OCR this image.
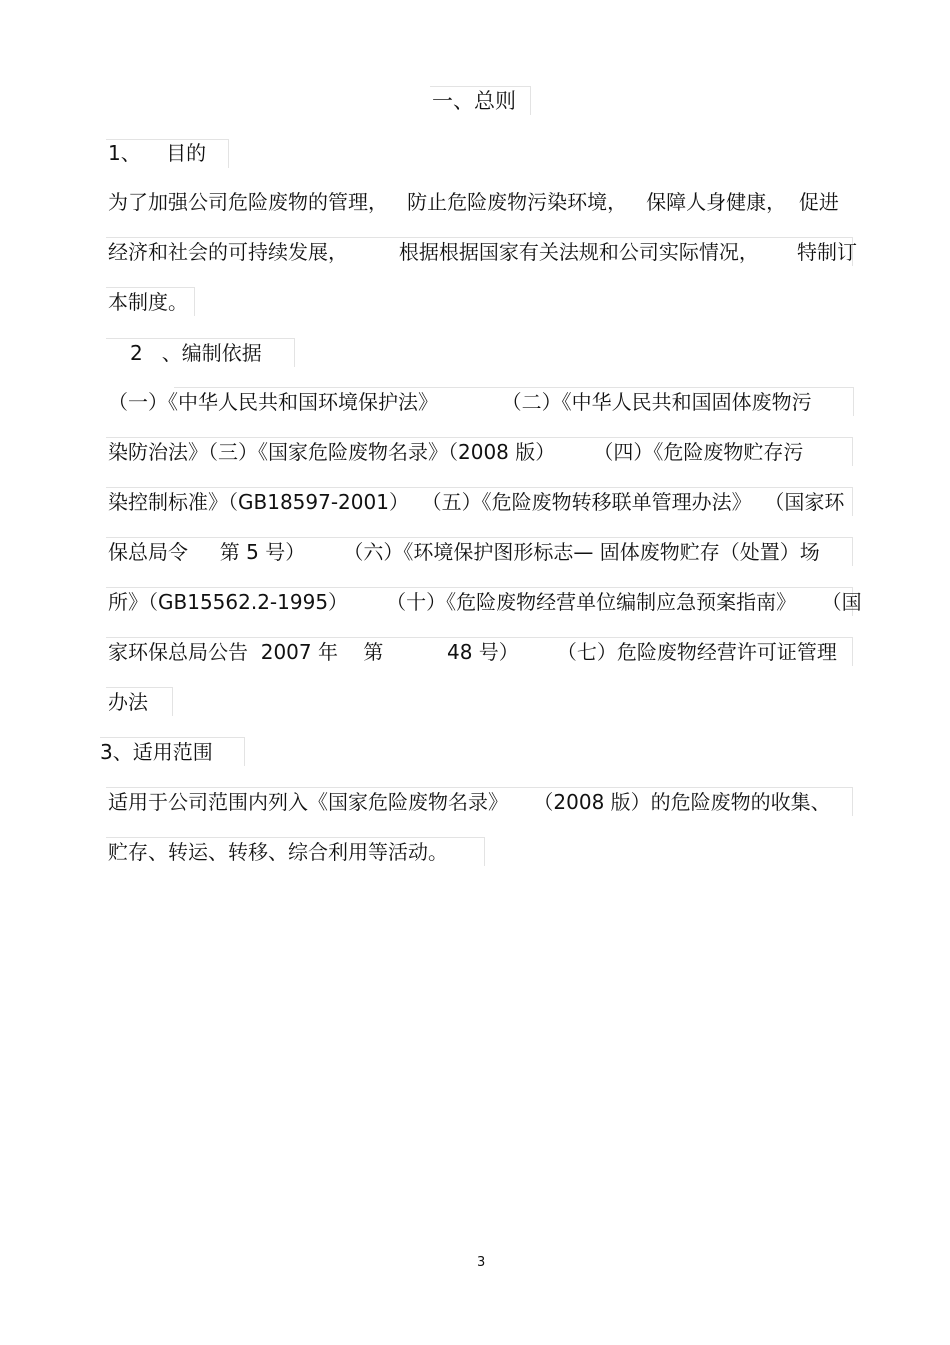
一、总则
1、    目的
为了加强公司危险废物的管理，   防止危险废物污染环境，   保障人身健康，  促进
经济和社会的可持续发展，        根据根据国家有关法规和公司实际情况，      特制订
本制度。
2   、编制依据
（一）《中华人民共和国环境保护法》          （二）《中华人民共和国固体废物污
染防治法》（三）《国家危险废物名录》（2008 版）      （四）《危险废物贮存污
染控制标准》（GB18597-2001）  （五）《危险废物转移联单管理办法》  （国家环
保总局令     第 5 号）      （六）《环境保护图形标志— 固体废物贮存（处置）场
所》（GB15562.2-1995）      （十）《危险废物经营单位编制应急预案指南》    （国
家环保总局公告  2007 年    第          48 号）      （七）危险废物经营许可证管理
办法
3、适用范围
适用于公司范围内列入《国家危险废物名录》    （2008 版）的危险废物的收集、
贮存、转运、转移、综合利用等活动。
3
